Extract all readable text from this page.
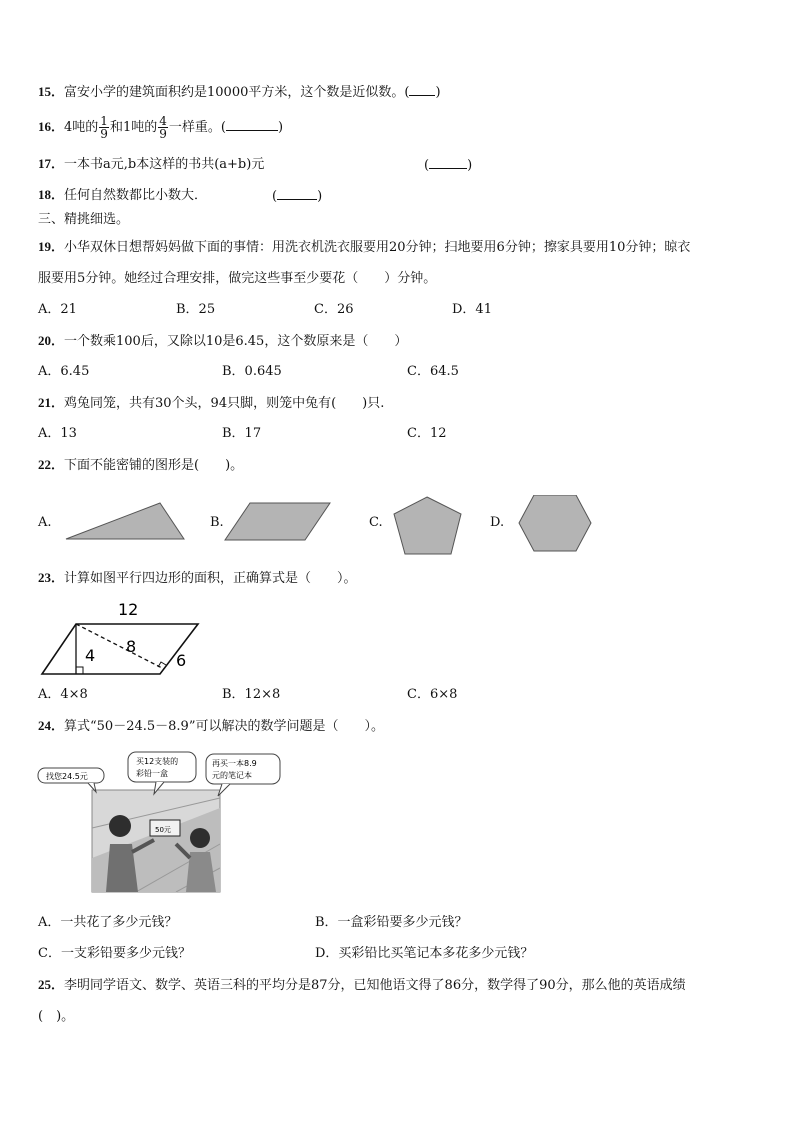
15．富安小学的建筑面积约是10000平方米，这个数是近似数。( )
16．4吨的 $\frac{1}{9}$ 和1吨的 $\frac{4}{9}$ 一样重。(	)
17．一本书a元,b本这样的书共(a+b)元	(	)
18．任何自然数都比小数大．	(	)
三、精挑细选。
19．小华双休日想帮妈妈做下面的事情：用洗衣机洗衣服要用20分钟；扫地要用6分钟；擦家具要用10分钟；晾衣
服要用5分钟。她经过合理安排，做完这些事至少要花（　　）分钟。
A．21	B．25	C．26	D．41
20．一个数乘100后，又除以10是6.45，这个数原来是（　　）
A．6.45	B．0.645	C．64.5
21．鸡兔同笼，共有30个头，94只脚，则笼中兔有(　　)只.
A．13	B．17	C．12
22．下面不能密铺的图形是(　　)。
A.	B.	C.	D.
23．计算如图平行四边形的面积，正确算式是（　　）。
12
8
4	6
A．4×8	B．12×8	C．6×8
24．算式“50－24.5－8.9”可以解决的数学问题是（　　）。
50元
找您24.5元
买12支装的
彩铅一盒
再买一本8.9
元的笔记本
A．一共花了多少元钱？	B．一盒彩铅要多少元钱？
C．一支彩铅要多少元钱？	D．买彩铅比买笔记本多花多少元钱？
25．李明同学语文、数学、英语三科的平均分是87分，已知他语文得了86分，数学得了90分，那么他的英语成绩
(　)。
